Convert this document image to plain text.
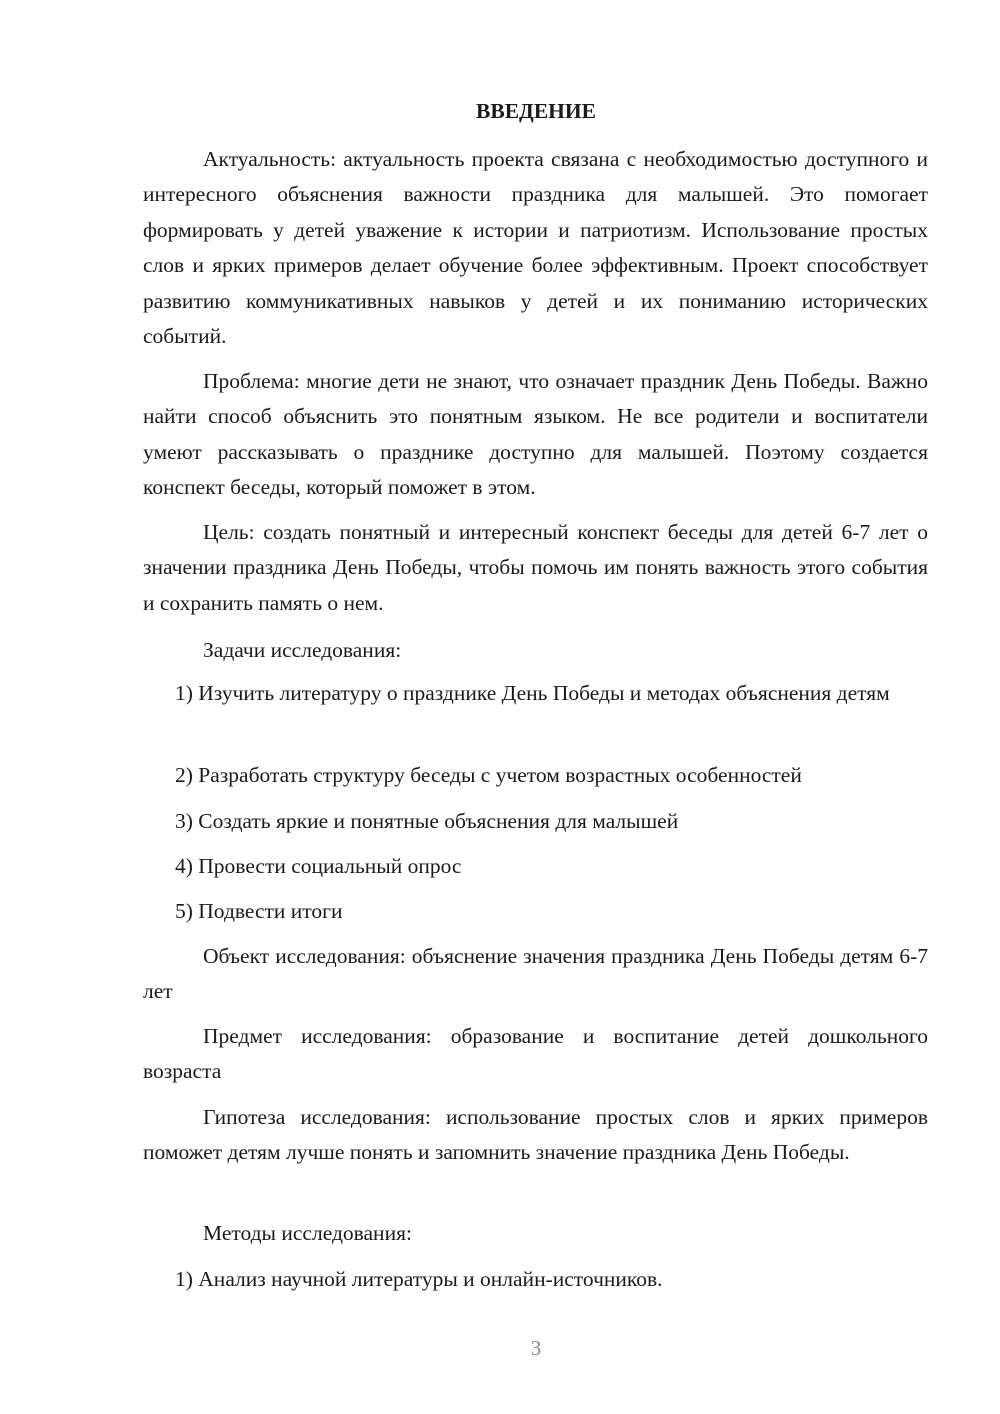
ВВЕДЕНИЕ

Актуальность: актуальность проекта связана с необходимостью доступного и интересного объяснения важности праздника для малышей. Это помогает формировать у детей уважение к истории и патриотизм. Использование простых слов и ярких примеров делает обучение более эффективным. Проект способствует развитию коммуникативных навыков у детей и их пониманию исторических событий.

Проблема: многие дети не знают, что означает праздник День Победы. Важно найти способ объяснить это понятным языком. Не все родители и воспитатели умеют рассказывать о празднике доступно для малышей. Поэтому создается конспект беседы, который поможет в этом.

Цель: создать понятный и интересный конспект беседы для детей 6-7 лет о значении праздника День Победы, чтобы помочь им понять важность этого события и сохранить память о нем.

Задачи исследования:

1) Изучить литературу о празднике День Победы и методах объяснения детям

2) Разработать структуру беседы с учетом возрастных особенностей
3) Создать яркие и понятные объяснения для малышей
4) Провести социальный опрос
5) Подвести итоги

Объект исследования: объяснение значения праздника День Победы детям 6-7 лет

Предмет исследования: образование и воспитание детей дошкольного возраста

Гипотеза исследования: использование простых слов и ярких примеров поможет детям лучше понять и запомнить значение праздника День Победы.

Методы исследования:
1) Анализ научной литературы и онлайн-источников.
3
